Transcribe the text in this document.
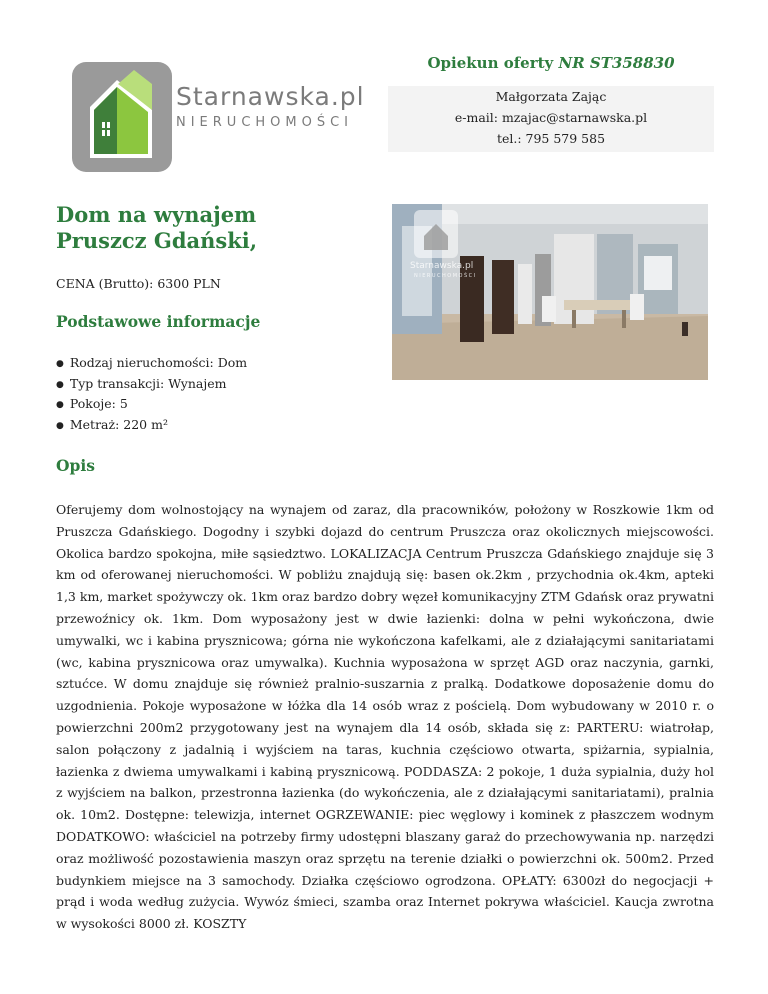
Starnawska.pl
NIERUCHOMOŚCI
Opiekun oferty NR ST358830
Małgorzata Zając
e-mail: mzajac@starnawska.pl
tel.: 795 579 585
Dom na wynajem
Pruszcz Gdański,
CENA (Brutto): 6300 PLN
Podstawowe informacje
● Rodzaj nieruchomości: Dom
● Typ transakcji: Wynajem
● Pokoje: 5
● Metraż: 220 m²
Starnawska.pl
NIERUCHOMOŚCI
Opis

Oferujemy dom wolnostojący na wynajem od zaraz, dla pracowników, położony w Roszkowie 1km od Pruszcza Gdańskiego. Dogodny i szybki dojazd do centrum Pruszcza oraz okolicznych miejscowości. Okolica bardzo spokojna, miłe sąsiedztwo. LOKALIZACJA Centrum Pruszcza Gdańskiego znajduje się 3 km od oferowanej nieruchomości. W pobliżu znajdują się: basen ok.2km , przychodnia ok.4km, apteki 1,3 km, market spożywczy ok. 1km oraz bardzo dobry węzeł komunikacyjny ZTM Gdańsk oraz prywatni przewoźnicy ok. 1km. Dom wyposażony jest w dwie łazienki: dolna w pełni wykończona, dwie umywalki, wc i kabina prysznicowa; górna nie wykończona kafelkami, ale z działającymi sanitariatami (wc, kabina prysznicowa oraz umywalka). Kuchnia wyposażona w sprzęt AGD oraz naczynia, garnki, sztućce. W domu znajduje się również pralnio-suszarnia z pralką. Dodatkowe doposażenie domu do uzgodnienia. Pokoje wyposażone w łóżka dla 14 osób wraz z pościelą. Dom wybudowany w 2010 r. o powierzchni 200m2 przygotowany jest na wynajem dla 14 osób, składa się z: PARTERU: wiatrołap, salon połączony z jadalnią i wyjściem na taras, kuchnia częściowo otwarta, spiżarnia, sypialnia, łazienka z dwiema umywalkami i kabiną prysznicową. PODDASZA: 2 pokoje, 1 duża sypialnia, duży hol z wyjściem na balkon, przestronna łazienka (do wykończenia, ale z działającymi sanitariatami), pralnia ok. 10m2. Dostępne: telewizja, internet OGRZEWANIE: piec węglowy i kominek z płaszczem wodnym DODATKOWO: właściciel na potrzeby firmy udostępni blaszany garaż do przechowywania np. narzędzi oraz możliwość pozostawienia maszyn oraz sprzętu na terenie działki o powierzchni ok. 500m2. Przed budynkiem miejsce na 3 samochody. Działka częściowo ogrodzona. OPŁATY: 6300zł do negocjacji + prąd i woda według zużycia. Wywóz śmieci, szamba oraz Internet pokrywa właściciel. Kaucja zwrotna w wysokości 8000 zł. KOSZTY
